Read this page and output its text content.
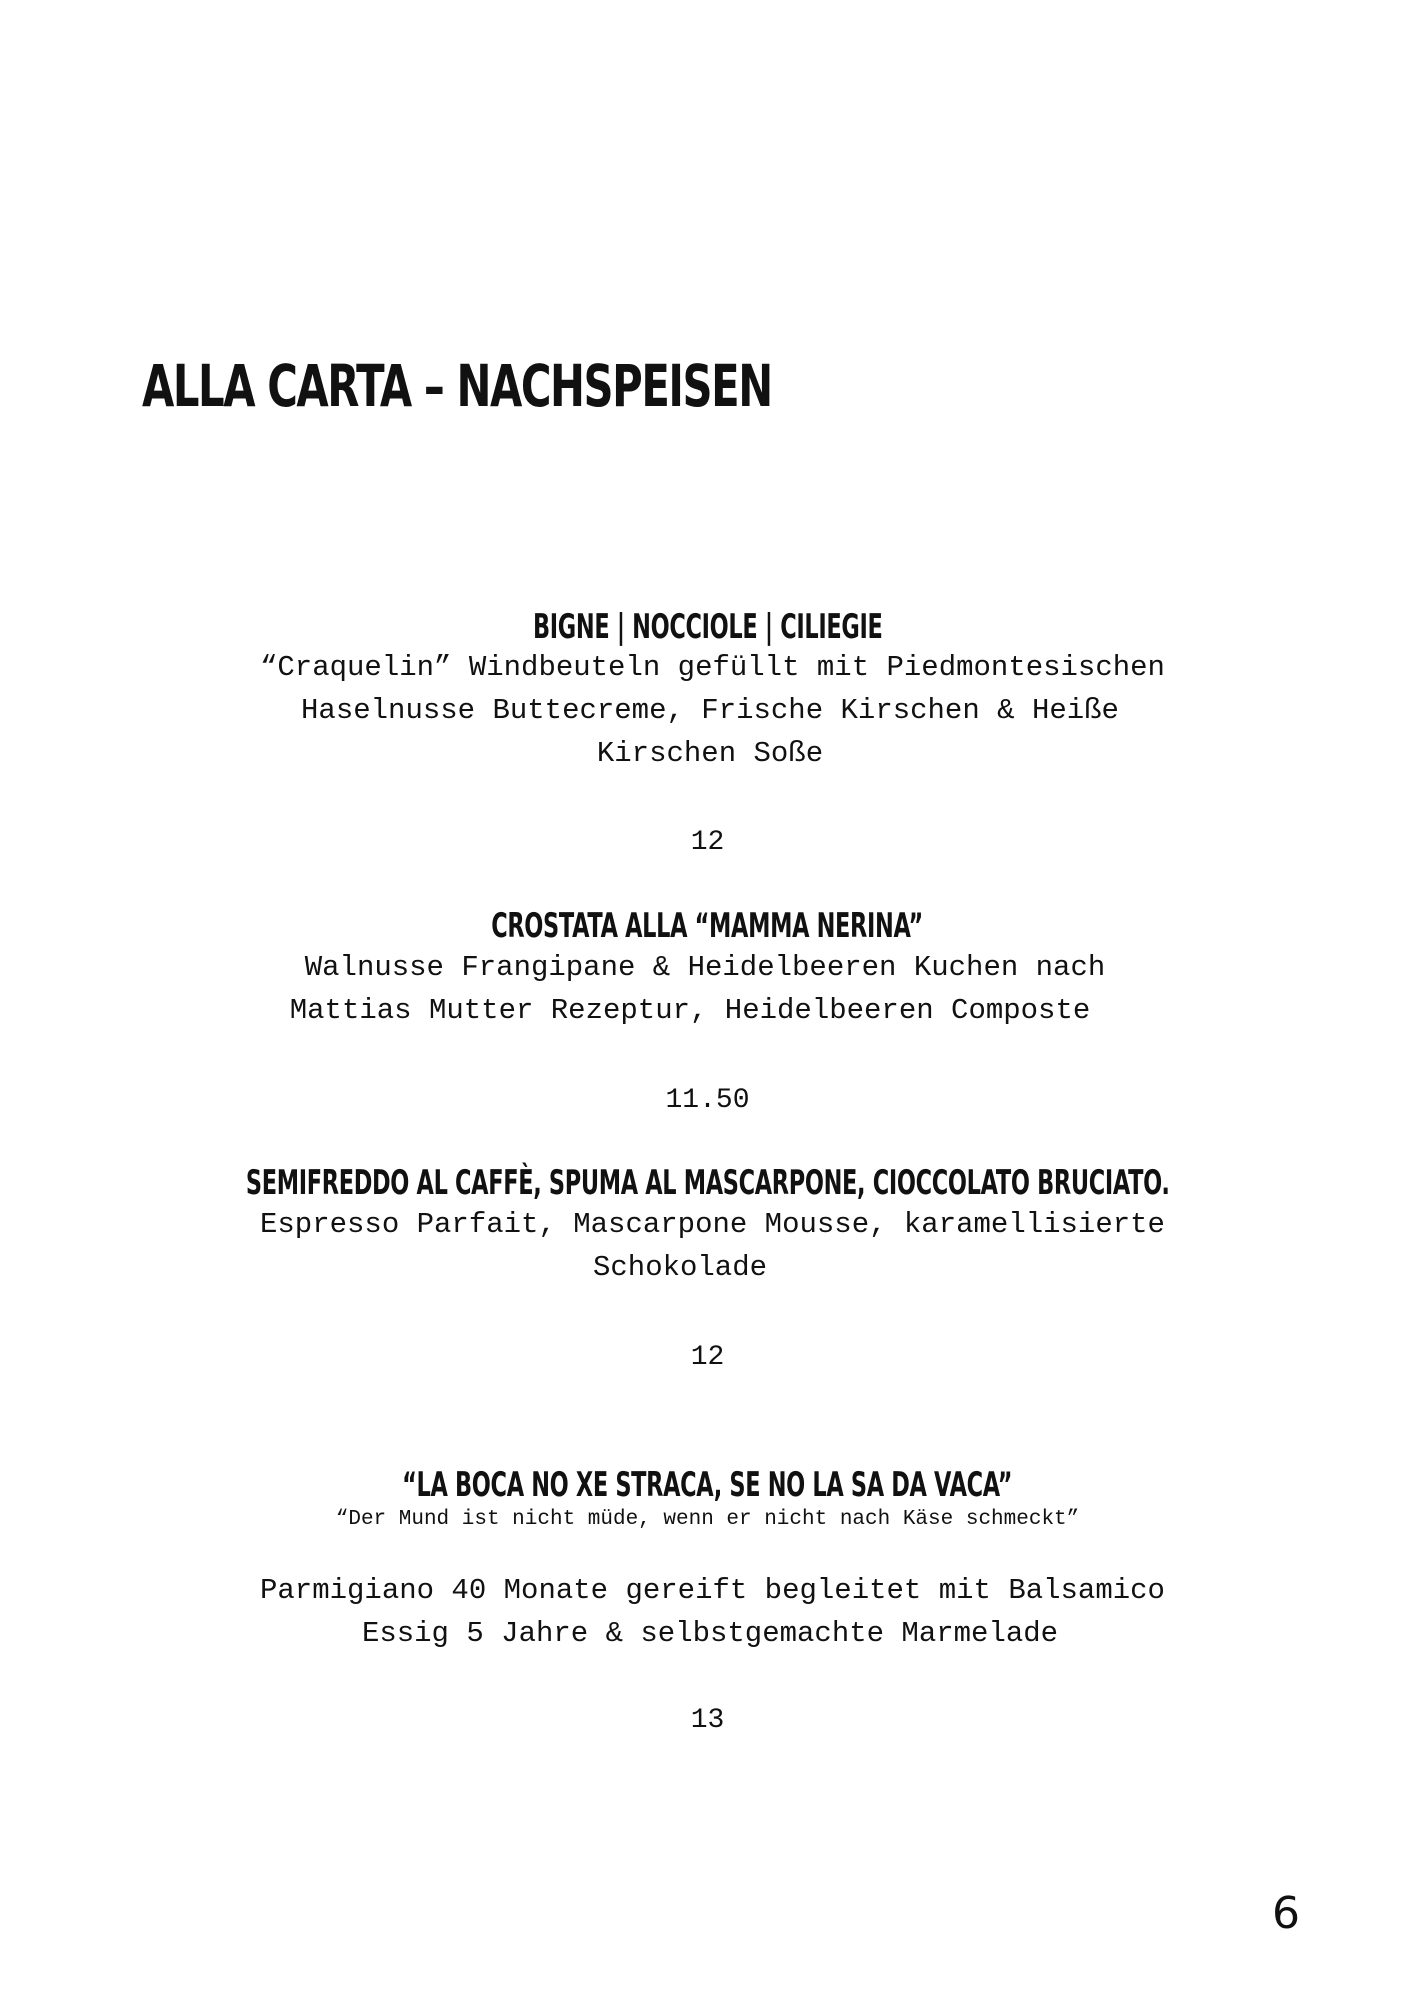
ALLA CARTA – NACHSPEISEN
BIGNE | NOCCIOLE | CILIEGIE
“Craquelin” Windbeuteln gefüllt mit Piedmontesischen
Haselnusse Buttecreme, Frische Kirschen & Heiße
Kirschen Soße
12
CROSTATA ALLA “MAMMA NERINA”
Walnusse Frangipane & Heidelbeeren Kuchen nach
Mattias Mutter Rezeptur, Heidelbeeren Composte
11.50
SEMIFREDDO AL CAFFÈ, SPUMA AL MASCARPONE, CIOCCOLATO BRUCIATO.
Espresso Parfait, Mascarpone Mousse, karamellisierte
Schokolade
12
“LA BOCA NO XE STRACA, SE NO LA SA DA VACA”
“Der Mund ist nicht müde, wenn er nicht nach Käse schmeckt”
Parmigiano 40 Monate gereift begleitet mit Balsamico
Essig 5 Jahre & selbstgemachte Marmelade
13
6
